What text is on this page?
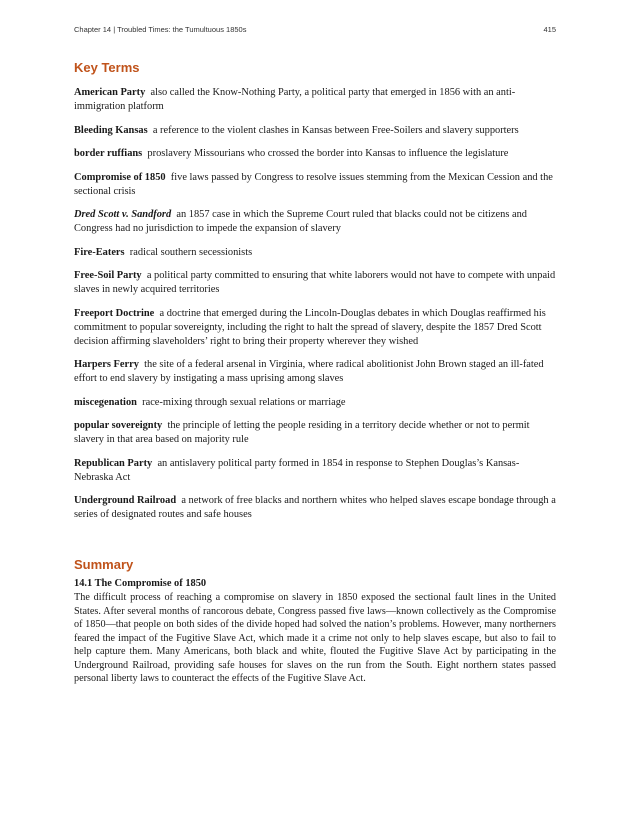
Chapter 14 | Troubled Times: the Tumultuous 1850s	415
Key Terms

American Party also called the Know-Nothing Party, a political party that emerged in 1856 with an anti-immigration platform

Bleeding Kansas a reference to the violent clashes in Kansas between Free-Soilers and slavery supporters

border ruffians proslavery Missourians who crossed the border into Kansas to influence the legislature

Compromise of 1850 five laws passed by Congress to resolve issues stemming from the Mexican Cession and the sectional crisis

Dred Scott v. Sandford an 1857 case in which the Supreme Court ruled that blacks could not be citizens and Congress had no jurisdiction to impede the expansion of slavery

Fire-Eaters radical southern secessionists

Free-Soil Party a political party committed to ensuring that white laborers would not have to compete with unpaid slaves in newly acquired territories

Freeport Doctrine a doctrine that emerged during the Lincoln-Douglas debates in which Douglas reaffirmed his commitment to popular sovereignty, including the right to halt the spread of slavery, despite the 1857 Dred Scott decision affirming slaveholders’ right to bring their property wherever they wished

Harpers Ferry the site of a federal arsenal in Virginia, where radical abolitionist John Brown staged an ill-fated effort to end slavery by instigating a mass uprising among slaves

miscegenation race-mixing through sexual relations or marriage

popular sovereignty the principle of letting the people residing in a territory decide whether or not to permit slavery in that area based on majority rule

Republican Party an antislavery political party formed in 1854 in response to Stephen Douglas’s Kansas-Nebraska Act

Underground Railroad a network of free blacks and northern whites who helped slaves escape bondage through a series of designated routes and safe houses

Summary

14.1 The Compromise of 1850

The difficult process of reaching a compromise on slavery in 1850 exposed the sectional fault lines in the United States. After several months of rancorous debate, Congress passed five laws—known collectively as the Compromise of 1850—that people on both sides of the divide hoped had solved the nation’s problems. However, many northerners feared the impact of the Fugitive Slave Act, which made it a crime not only to help slaves escape, but also to fail to help capture them. Many Americans, both black and white, flouted the Fugitive Slave Act by participating in the Underground Railroad, providing safe houses for slaves on the run from the South. Eight northern states passed personal liberty laws to counteract the effects of the Fugitive Slave Act.
